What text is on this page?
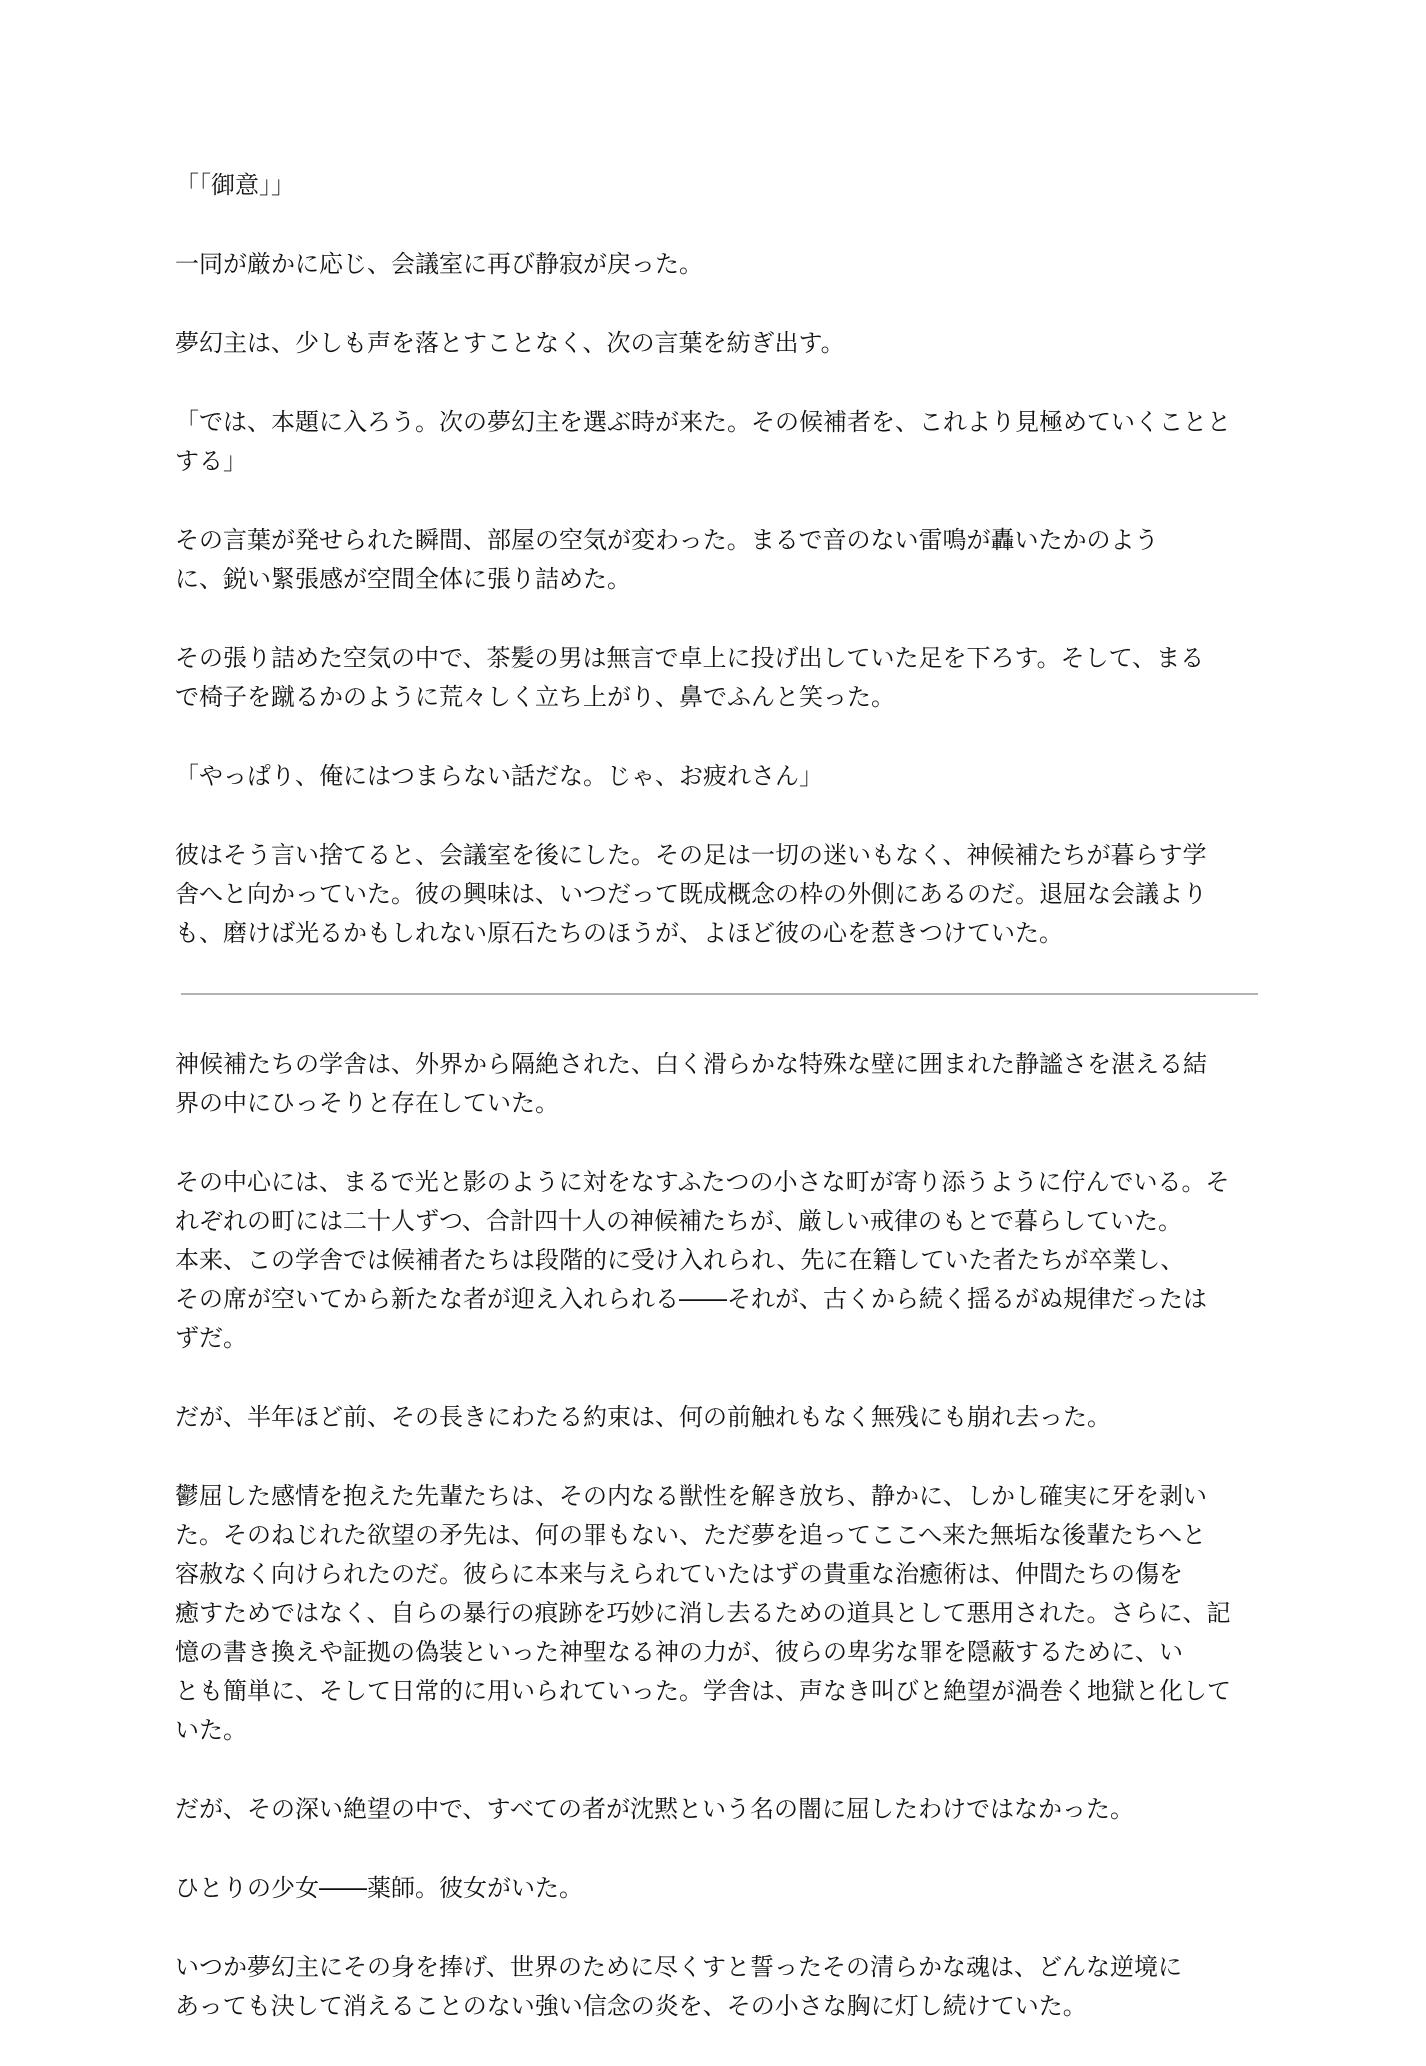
「「御意」」

一同が厳かに応じ、会議室に再び静寂が戻った。

夢幻主は、少しも声を落とすことなく、次の言葉を紡ぎ出す。

「では、本題に入ろう。次の夢幻主を選ぶ時が来た。その候補者を、これより見極めていくことと
する」

その言葉が発せられた瞬間、部屋の空気が変わった。まるで音のない雷鳴が轟いたかのよう
に、鋭い緊張感が空間全体に張り詰めた。

その張り詰めた空気の中で、茶髪の男は無言で卓上に投げ出していた足を下ろす。そして、まる
で椅子を蹴るかのように荒々しく立ち上がり、鼻でふんと笑った。

「やっぱり、俺にはつまらない話だな。じゃ、お疲れさん」

彼はそう言い捨てると、会議室を後にした。その足は一切の迷いもなく、神候補たちが暮らす学
舎へと向かっていた。彼の興味は、いつだって既成概念の枠の外側にあるのだ。退屈な会議より
も、磨けば光るかもしれない原石たちのほうが、よほど彼の心を惹きつけていた。

神候補たちの学舎は、外界から隔絶された、白く滑らかな特殊な壁に囲まれた静謐さを湛える結
界の中にひっそりと存在していた。

その中心には、まるで光と影のように対をなすふたつの小さな町が寄り添うように佇んでいる。そ
れぞれの町には二十人ずつ、合計四十人の神候補たちが、厳しい戒律のもとで暮らしていた。
本来、この学舎では候補者たちは段階的に受け入れられ、先に在籍していた者たちが卒業し、
その席が空いてから新たな者が迎え入れられる――それが、古くから続く揺るがぬ規律だったは
ずだ。

だが、半年ほど前、その長きにわたる約束は、何の前触れもなく無残にも崩れ去った。

鬱屈した感情を抱えた先輩たちは、その内なる獣性を解き放ち、静かに、しかし確実に牙を剥い
た。そのねじれた欲望の矛先は、何の罪もない、ただ夢を追ってここへ来た無垢な後輩たちへと
容赦なく向けられたのだ。彼らに本来与えられていたはずの貴重な治癒術は、仲間たちの傷を
癒すためではなく、自らの暴行の痕跡を巧妙に消し去るための道具として悪用された。さらに、記
憶の書き換えや証拠の偽装といった神聖なる神の力が、彼らの卑劣な罪を隠蔽するために、い
とも簡単に、そして日常的に用いられていった。学舎は、声なき叫びと絶望が渦巻く地獄と化して
いた。

だが、その深い絶望の中で、すべての者が沈黙という名の闇に屈したわけではなかった。

ひとりの少女――薬師。彼女がいた。

いつか夢幻主にその身を捧げ、世界のために尽くすと誓ったその清らかな魂は、どんな逆境に
あっても決して消えることのない強い信念の炎を、その小さな胸に灯し続けていた。
